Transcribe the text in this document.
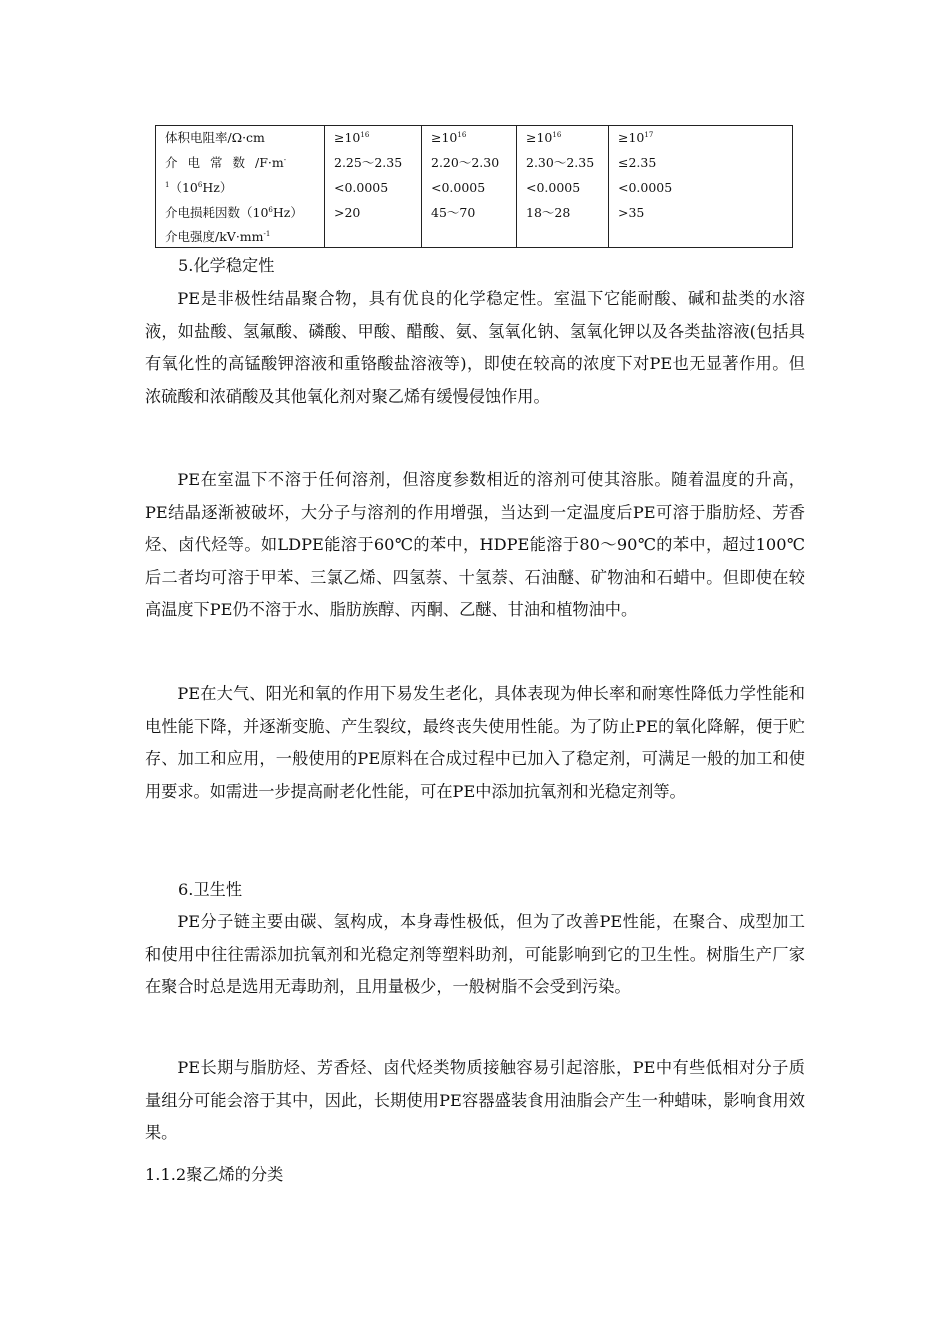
体积电阻率/Ω·cm
介电常数/F·m-
$^1(10^6Hz)$
介电损耗因数$(10^6Hz)$
介电强度$/kV\cdot mm^{-1}$
$\ge 10^{16}$
2.25～2.35
<0.0005
>20
$\ge 10^{16}$
2.20～2.30
<0.0005
45～70
$\ge 10^{16}$
2.30～2.35
<0.0005
18～28
$\ge 10^{17}$
≤2.35
<0.0005
>35
5.化学稳定性
PE是非极性结晶聚合物，具有优良的化学稳定性。室温下它能耐酸、碱和盐类的水溶液，如盐酸、氢氟酸、磷酸、甲酸、醋酸、氨、氢氧化钠、氢氧化钾以及各类盐溶液(包括具有氧化性的高锰酸钾溶液和重铬酸盐溶液等)，即使在较高的浓度下对PE也无显著作用。但浓硫酸和浓硝酸及其他氧化剂对聚乙烯有缓慢侵蚀作用。
PE在室温下不溶于任何溶剂，但溶度参数相近的溶剂可使其溶胀。随着温度的升高，PE结晶逐渐被破坏，大分子与溶剂的作用增强，当达到一定温度后PE可溶于脂肪烃、芳香烃、卤代烃等。如LDPE能溶于60℃的苯中，HDPE能溶于80～90℃的苯中，超过100℃后二者均可溶于甲苯、三氯乙烯、四氢萘、十氢萘、石油醚、矿物油和石蜡中。但即使在较高温度下PE仍不溶于水、脂肪族醇、丙酮、乙醚、甘油和植物油中。
PE在大气、阳光和氧的作用下易发生老化，具体表现为伸长率和耐寒性降低力学性能和电性能下降，并逐渐变脆、产生裂纹，最终丧失使用性能。为了防止PE的氧化降解，便于贮存、加工和应用，一般使用的PE原料在合成过程中已加入了稳定剂，可满足一般的加工和使用要求。如需进一步提高耐老化性能，可在PE中添加抗氧剂和光稳定剂等。
6.卫生性
PE分子链主要由碳、氢构成，本身毒性极低，但为了改善PE性能，在聚合、成型加工和使用中往往需添加抗氧剂和光稳定剂等塑料助剂，可能影响到它的卫生性。树脂生产厂家在聚合时总是选用无毒助剂，且用量极少，一般树脂不会受到污染。
PE长期与脂肪烃、芳香烃、卤代烃类物质接触容易引起溶胀，PE中有些低相对分子质量组分可能会溶于其中，因此，长期使用PE容器盛装食用油脂会产生一种蜡味，影响食用效果。
1.1.2聚乙烯的分类
